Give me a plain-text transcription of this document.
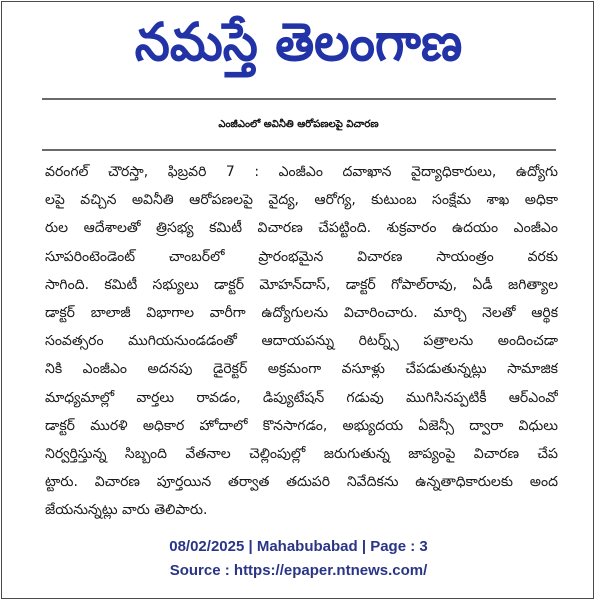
నమస్తే తెలంగాణ
ఎంజీఎంలో అవినీతి ఆరోపణలపై విచారణ
వరంగల్ చౌరస్తా, ఫిబ్రవరి 7 : ఎంజీఎం దవాఖాన వైద్యాధికారులు, ఉద్యోగు
లపై వచ్చిన అవినీతి ఆరోపణలపై వైద్య, ఆరోగ్య, కుటుంబ సంక్షేమ శాఖ అధికా
రుల ఆదేశాలతో త్రిసభ్య కమిటీ విచారణ చేపట్టింది. శుక్రవారం ఉదయం ఎంజీఎం
సూపరింటెండెంట్ చాంబర్‌లో ప్రారంభమైన విచారణ సాయంత్రం వరకు
సాగింది. కమిటీ సభ్యులు డాక్టర్ మోహన్‌దాస్, డాక్టర్ గోపాల్‌రావు, ఏడీ జగిత్యాల
డాక్టర్ బాలాజీ విభాగాల వారీగా ఉద్యోగులను విచారించారు. మార్చి నెలతో ఆర్థిక
సంవత్సరం ముగియనుండడంతో ఆదాయపన్ను రిటర్న్స్ పత్రాలను అందించడా
నికి ఎంజీఎం అదనపు డైరెక్టర్ అక్రమంగా వసూళ్లు చేపడుతున్నట్లు సామాజిక
మాధ్యమాల్లో వార్తలు రావడం, డిప్యుటేషన్ గడువు ముగిసినప్పటికీ ఆర్ఎంవో
డాక్టర్ మురళి అధికార హోదాలో కొనసాగడం, అభ్యుదయ ఏజెన్సీ ద్వారా విధులు
నిర్వర్తిస్తున్న సిబ్బంది వేతనాల చెల్లింపుల్లో జరుగుతున్న జాప్యంపై విచారణ చేప
ట్టారు. విచారణ పూర్తయిన తర్వాత తదుపరి నివేదికను ఉన్నతాధికారులకు అంద
జేయనున్నట్లు వారు తెలిపారు.
08/02/2025 | Mahabubabad | Page : 3
Source : https://epaper.ntnews.com/
